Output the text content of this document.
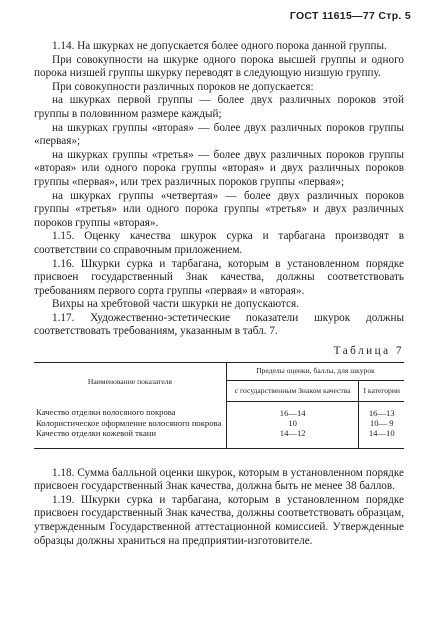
ГОСТ 11615—77 Стр. 5

1.14. На шкурках не допускается более одного порока данной группы.

При совокупности на шкурке одного порока высшей группы и одного порока низшей группы шкурку переводят в следующую низшую группу.

При совокупности различных пороков не допускается:

на шкурках первой группы — более двух различных пороков этой группы в половинном размере каждый;

на шкурках группы «вторая» — более двух различных пороков группы «первая»;

на шкурках группы «третья» — более двух различных пороков группы «вторая» или одного порока группы «вторая» и двух различных пороков группы «первая», или трех различных пороков группы «первая»;

на шкурках группы «четвертая» — более двух различных пороков группы «третья» или одного порока группы «третья» и двух различных пороков группы «вторая».

1.15. Оценку качества шкурок сурка и тарбагана производят в соответствии со справочным приложением.

1.16. Шкурки сурка и тарбагана, которым в установленном порядке присвоен государственный Знак качества, должны соответствовать требованиям первого сорта группы «первая» и «вторая».

Вихры на хребтовой части шкурки не допускаются.

1.17. Художественно-эстетические показатели шкурок должны соответствовать требованиям, указанным в табл. 7.

Таблица 7
Наименование показателя	Пределы оценки, баллы, для шкурок	
	с государственным Знаком качества	I категории
Качество отделки волосяного покрова	16—14	16—13
Колористическое оформление волосяного покрова	10	10— 9
Качество отделки кожевой ткани	14—12	14—10

1.18. Сумма балльной оценки шкурок, которым в установленном порядке присвоен государственный Знак качества, должна быть не менее 38 баллов.

1.19. Шкурки сурка и тарбагана, которым в установленном порядке присвоен государственный Знак качества, должны соответствовать образцам, утвержденным Государственной аттестационной комиссией. Утвержденные образцы должны храниться на предприятии-изготовителе.
